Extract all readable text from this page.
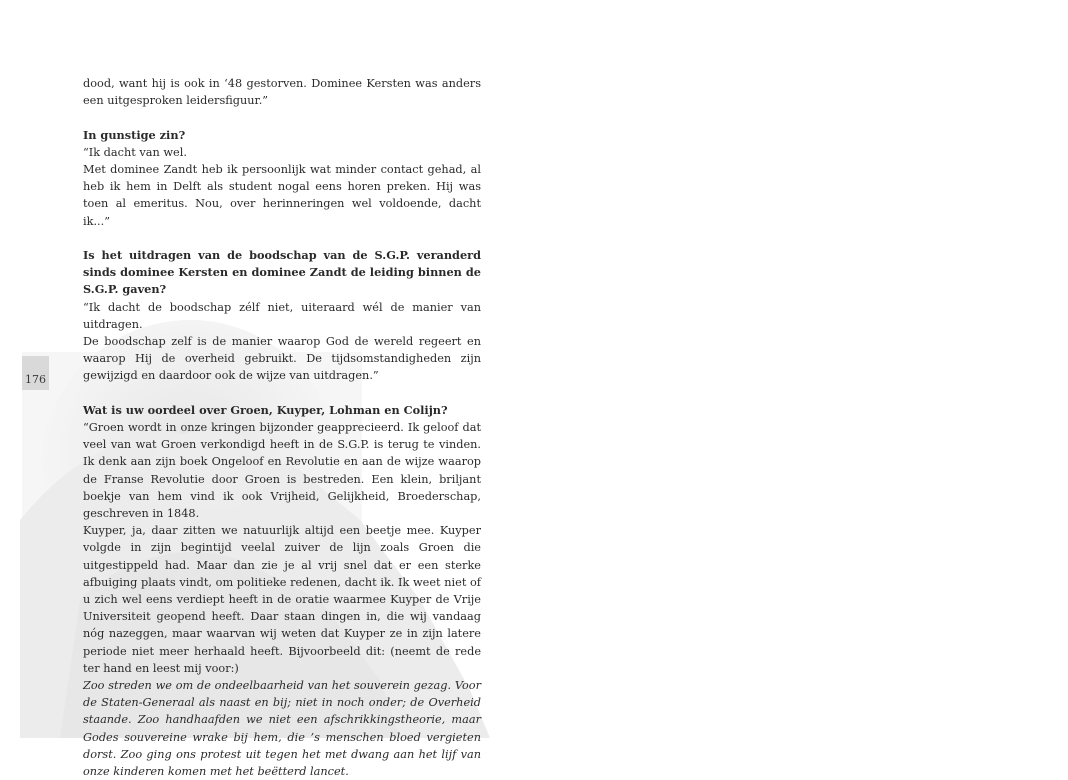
176

dood, want hij is ook in ‘48 gestorven. Dominee Kersten was anders een uitgesproken leidersfiguur.”

In gunstige zin?

“Ik dacht van wel.

Met dominee Zandt heb ik persoonlijk wat minder contact gehad, al heb ik hem in Delft als student nogal eens horen preken. Hij was toen al emeritus. Nou, over herinneringen wel voldoende, dacht ik...”

Is het uitdragen van de boodschap van de S.G.P. veranderd sinds dominee Kersten en dominee Zandt de leiding binnen de S.G.P. gaven?

“Ik dacht de boodschap zélf niet, uiteraard wél de manier van uitdragen.

De boodschap zelf is de manier waarop God de wereld regeert en waarop Hij de overheid gebruikt. De tijdsomstandigheden zijn gewijzigd en daardoor ook de wijze van uitdragen.”

Wat is uw oordeel over Groen, Kuyper, Lohman en Colijn?

“Groen wordt in onze kringen bijzonder geapprecieerd. Ik geloof dat veel van wat Groen verkondigd heeft in de S.G.P. is terug te vinden. Ik denk aan zijn boek Ongeloof en Revolutie en aan de wijze waarop de Franse Revolutie door Groen is bestreden. Een klein, briljant boekje van hem vind ik ook Vrijheid, Gelijkheid, Broederschap, geschreven in 1848.

Kuyper, ja, daar zitten we natuurlijk altijd een beetje mee. Kuyper volgde in zijn begintijd veelal zuiver de lijn zoals Groen die uitgestippeld had. Maar dan zie je al vrij snel dat er een sterke afbuiging plaats vindt, om politieke redenen, dacht ik. Ik weet niet of u zich wel eens verdiept heeft in de oratie waarmee Kuyper de Vrije Universiteit geopend heeft. Daar staan dingen in, die wij vandaag nóg nazeggen, maar waarvan wij weten dat Kuyper ze in zijn latere periode niet meer herhaald heeft. Bijvoorbeeld dit: (neemt de rede ter hand en leest mij voor:)

Zoo streden we om de ondeelbaarheid van het souverein gezag. Voor de Staten-Generaal als naast en bij; niet in noch onder; de Overheid staande. Zoo handhaafden we niet een afschrikkingstheorie, maar Godes souvereine wrake bij hem, die ’s menschen bloed vergieten dorst. Zoo ging ons protest uit tegen het met dwang aan het lijf van onze kinderen komen met het beëtterd lancet.
